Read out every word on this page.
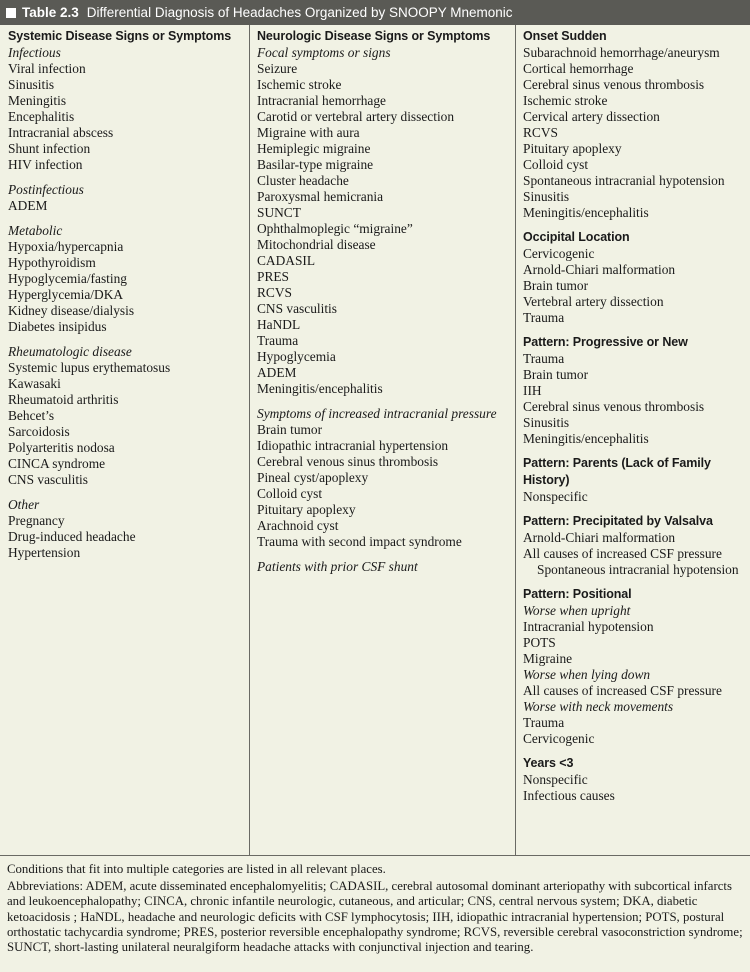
Table 2.3 Differential Diagnosis of Headaches Organized by SNOOPY Mnemonic
Systemic Disease Signs or Symptoms
Infectious
Viral infection
Sinusitis
Meningitis
Encephalitis
Intracranial abscess
Shunt infection
HIV infection
Postinfectious
ADEM
Metabolic
Hypoxia/hypercapnia
Hypothyroidism
Hypoglycemia/fasting
Hyperglycemia/DKA
Kidney disease/dialysis
Diabetes insipidus
Rheumatologic disease
Systemic lupus erythematosus
Kawasaki
Rheumatoid arthritis
Behcet’s
Sarcoidosis
Polyarteritis nodosa
CINCA syndrome
CNS vasculitis
Other
Pregnancy
Drug-induced headache
Hypertension
Neurologic Disease Signs or Symptoms
Focal symptoms or signs
Seizure
Ischemic stroke
Intracranial hemorrhage
Carotid or vertebral artery dissection
Migraine with aura
Hemiplegic migraine
Basilar-type migraine
Cluster headache
Paroxysmal hemicrania
SUNCT
Ophthalmoplegic “migraine”
Mitochondrial disease
CADASIL
PRES
RCVS
CNS vasculitis
HaNDL
Trauma
Hypoglycemia
ADEM
Meningitis/encephalitis
Symptoms of increased intracranial pressure
Brain tumor
Idiopathic intracranial hypertension
Cerebral venous sinus thrombosis
Pineal cyst/apoplexy
Colloid cyst
Pituitary apoplexy
Arachnoid cyst
Trauma with second impact syndrome
Patients with prior CSF shunt
Onset Sudden
Subarachnoid hemorrhage/aneurysm
Cortical hemorrhage
Cerebral sinus venous thrombosis
Ischemic stroke
Cervical artery dissection
RCVS
Pituitary apoplexy
Colloid cyst
Spontaneous intracranial hypotension
Sinusitis
Meningitis/encephalitis
Occipital Location
Cervicogenic
Arnold-Chiari malformation
Brain tumor
Vertebral artery dissection
Trauma
Pattern: Progressive or New
Trauma
Brain tumor
IIH
Cerebral sinus venous thrombosis
Sinusitis
Meningitis/encephalitis
Pattern: Parents (Lack of Family History)
Nonspecific
Pattern: Precipitated by Valsalva
Arnold-Chiari malformation
All causes of increased CSF pressure
Spontaneous intracranial hypotension
Pattern: Positional
Worse when upright
Intracranial hypotension
POTS
Migraine
Worse when lying down
All causes of increased CSF pressure
Worse with neck movements
Trauma
Cervicogenic
Years <3
Nonspecific
Infectious causes

Conditions that fit into multiple categories are listed in all relevant places.

Abbreviations: ADEM, acute disseminated encephalomyelitis; CADASIL, cerebral autosomal dominant arteriopathy with subcortical infarcts and leukoencephalopathy; CINCA, chronic infantile neurologic, cutaneous, and articular; CNS, central nervous system; DKA, diabetic ketoacidosis ; HaNDL, headache and neurologic deficits with CSF lymphocytosis; IIH, idiopathic intracranial hypertension; POTS, postural orthostatic tachycardia syndrome; PRES, posterior reversible encephalopathy syndrome; RCVS, reversible cerebral vasoconstriction syndrome; SUNCT, short-lasting unilateral neuralgiform headache attacks with conjunctival injection and tearing.
